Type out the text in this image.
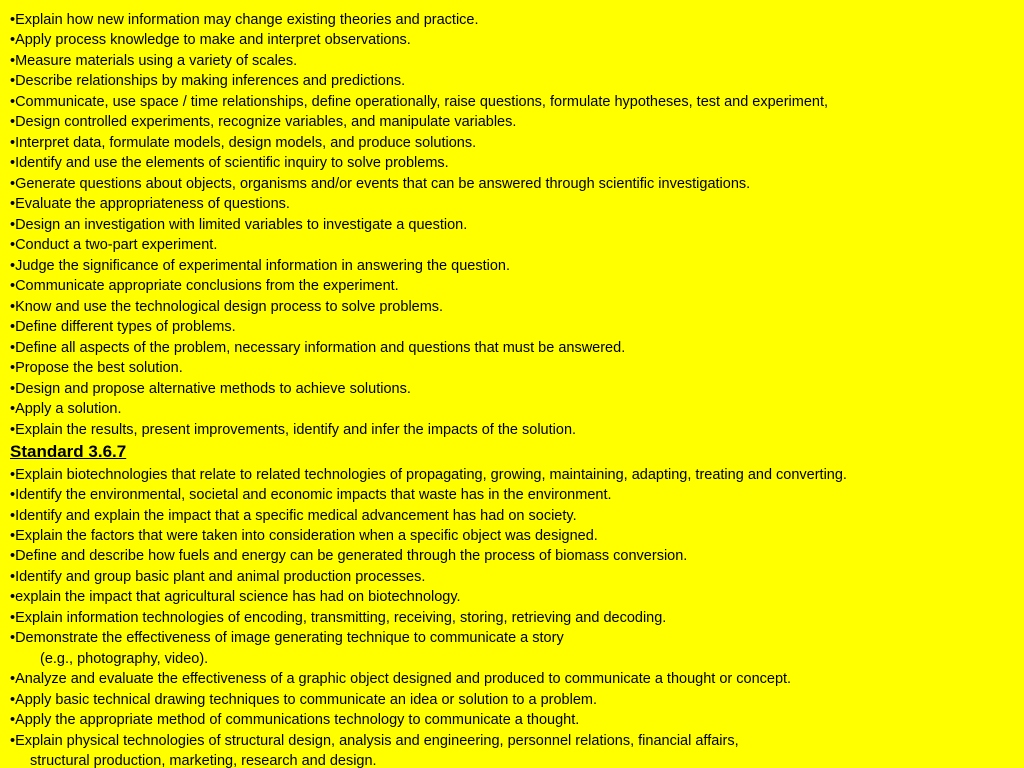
•Explain how new information may change existing theories and practice.

•Apply process knowledge to make and interpret observations.

•Measure materials using a variety of scales.

•Describe relationships by making inferences and predictions.

•Communicate, use space / time relationships, define operationally, raise questions, formulate hypotheses, test and experiment,

•Design controlled experiments, recognize variables, and manipulate variables.

•Interpret data, formulate models, design models, and produce solutions.

•Identify and use the elements of scientific inquiry to solve problems.

•Generate questions about objects, organisms and/or events that can be answered through scientific investigations.

•Evaluate the appropriateness of questions.

•Design an investigation with limited variables to investigate a question.

•Conduct a two-part experiment.

•Judge the significance of experimental information in answering the question.

•Communicate appropriate conclusions from the experiment.

•Know and use the technological design process to solve problems.

•Define different types of problems.

•Define all aspects of the problem, necessary information and questions that must be answered.

•Propose the best solution.

•Design and propose alternative methods to achieve solutions.

•Apply a solution.

•Explain the results, present improvements, identify and infer the impacts of the solution.

Standard 3.6.7

•Explain biotechnologies that relate to related technologies of propagating, growing, maintaining, adapting, treating and converting.

•Identify the environmental, societal and economic impacts that waste has in the environment.

•Identify and explain the impact that a specific medical advancement has had on society.

•Explain the factors that were taken into consideration when a specific object was designed.

•Define and describe how fuels and energy can be generated through the process of biomass conversion.

•Identify and group basic plant and animal production processes.

•explain the impact that agricultural science has had on biotechnology.

•Explain information technologies of encoding, transmitting, receiving, storing, retrieving and decoding.

•Demonstrate the effectiveness of image generating technique to communicate a story

(e.g., photography, video).

•Analyze and evaluate the effectiveness of a graphic object designed and produced to communicate a thought or concept.

•Apply basic technical drawing techniques to communicate an idea or solution to a problem.

•Apply the appropriate method of communications technology to communicate a thought.

•Explain physical technologies of structural design, analysis and engineering, personnel relations, financial affairs,

structural production, marketing, research and design.
